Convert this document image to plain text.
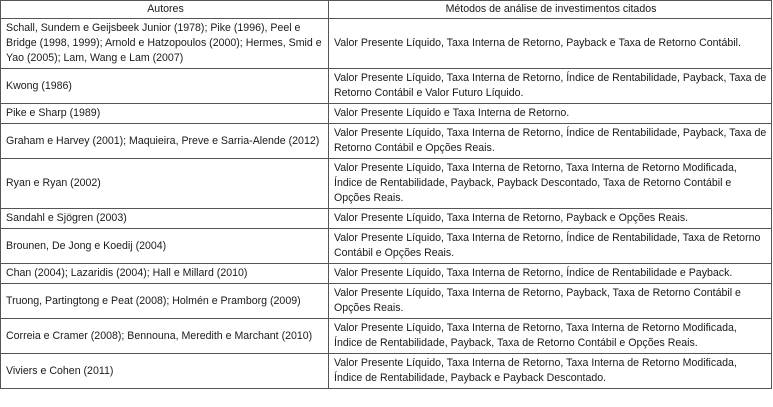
Autores	Métodos de análise de investimentos citados
Schall, Sundem e Geijsbeek Junior (1978); Pike (1996), Peel e Bridge (1998, 1999); Arnold e Hatzopoulos (2000); Hermes, Smid e Yao (2005); Lam, Wang e Lam (2007)	Valor Presente Líquido, Taxa Interna de Retorno, Payback e Taxa de Retorno Contábil.
Kwong (1986)	Valor Presente Líquido, Taxa Interna de Retorno, Índice de Rentabilidade, Payback, Taxa de Retorno Contábil e Valor Futuro Líquido.
Pike e Sharp (1989)	Valor Presente Líquido e Taxa Interna de Retorno.
Graham e Harvey (2001); Maquieira, Preve e Sarria-Alende (2012)	Valor Presente Líquido, Taxa Interna de Retorno, Índice de Rentabilidade, Payback, Taxa de Retorno Contábil e Opções Reais.
Ryan e Ryan (2002)	Valor Presente Líquido, Taxa Interna de Retorno, Taxa Interna de Retorno Modificada, Índice de Rentabilidade, Payback, Payback Descontado, Taxa de Retorno Contábil e Opções Reais.
Sandahl e Sjögren (2003)	Valor Presente Líquido, Taxa Interna de Retorno, Payback e Opções Reais.
Brounen, De Jong e Koedij (2004)	Valor Presente Líquido, Taxa Interna de Retorno, Índice de Rentabilidade, Taxa de Retorno Contábil e Opções Reais.
Chan (2004); Lazaridis (2004); Hall e Millard (2010)	Valor Presente Líquido, Taxa Interna de Retorno, Índice de Rentabilidade e Payback.
Truong, Partingtong e Peat (2008); Holmén e Pramborg (2009)	Valor Presente Líquido, Taxa Interna de Retorno, Payback, Taxa de Retorno Contábil e Opções Reais.
Correia e Cramer (2008); Bennouna, Meredith e Marchant (2010)	Valor Presente Líquido, Taxa Interna de Retorno, Taxa Interna de Retorno Modificada, Índice de Rentabilidade, Payback, Taxa de Retorno Contábil e Opções Reais.
Viviers e Cohen (2011)	Valor Presente Líquido, Taxa Interna de Retorno, Taxa Interna de Retorno Modificada, Índice de Rentabilidade, Payback e Payback Descontado.
